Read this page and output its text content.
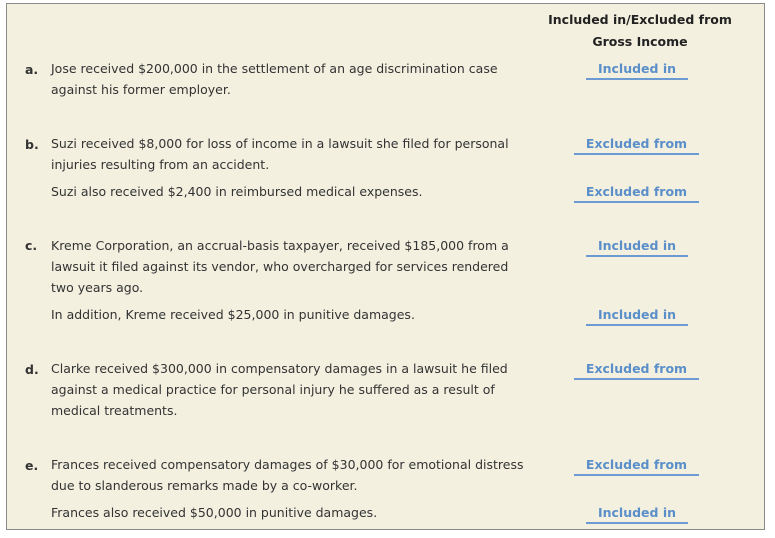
Included in/Excluded from
Gross Income
a. Jose received $200,000 in the settlement of an age discrimination case
against his former employer.
Included in
b. Suzi received $8,000 for loss of income in a lawsuit she filed for personal
injuries resulting from an accident.
Excluded from
Suzi also received $2,400 in reimbursed medical expenses.	Excluded from
c. Kreme Corporation, an accrual-basis taxpayer, received $185,000 from a
lawsuit it filed against its vendor, who overcharged for services rendered
two years ago.
Included in
In addition, Kreme received $25,000 in punitive damages.	Included in
d. Clarke received $300,000 in compensatory damages in a lawsuit he filed
against a medical practice for personal injury he suffered as a result of
medical treatments.
Excluded from
e. Frances received compensatory damages of $30,000 for emotional distress
due to slanderous remarks made by a co-worker.
Excluded from
Frances also received $50,000 in punitive damages.	Included in
